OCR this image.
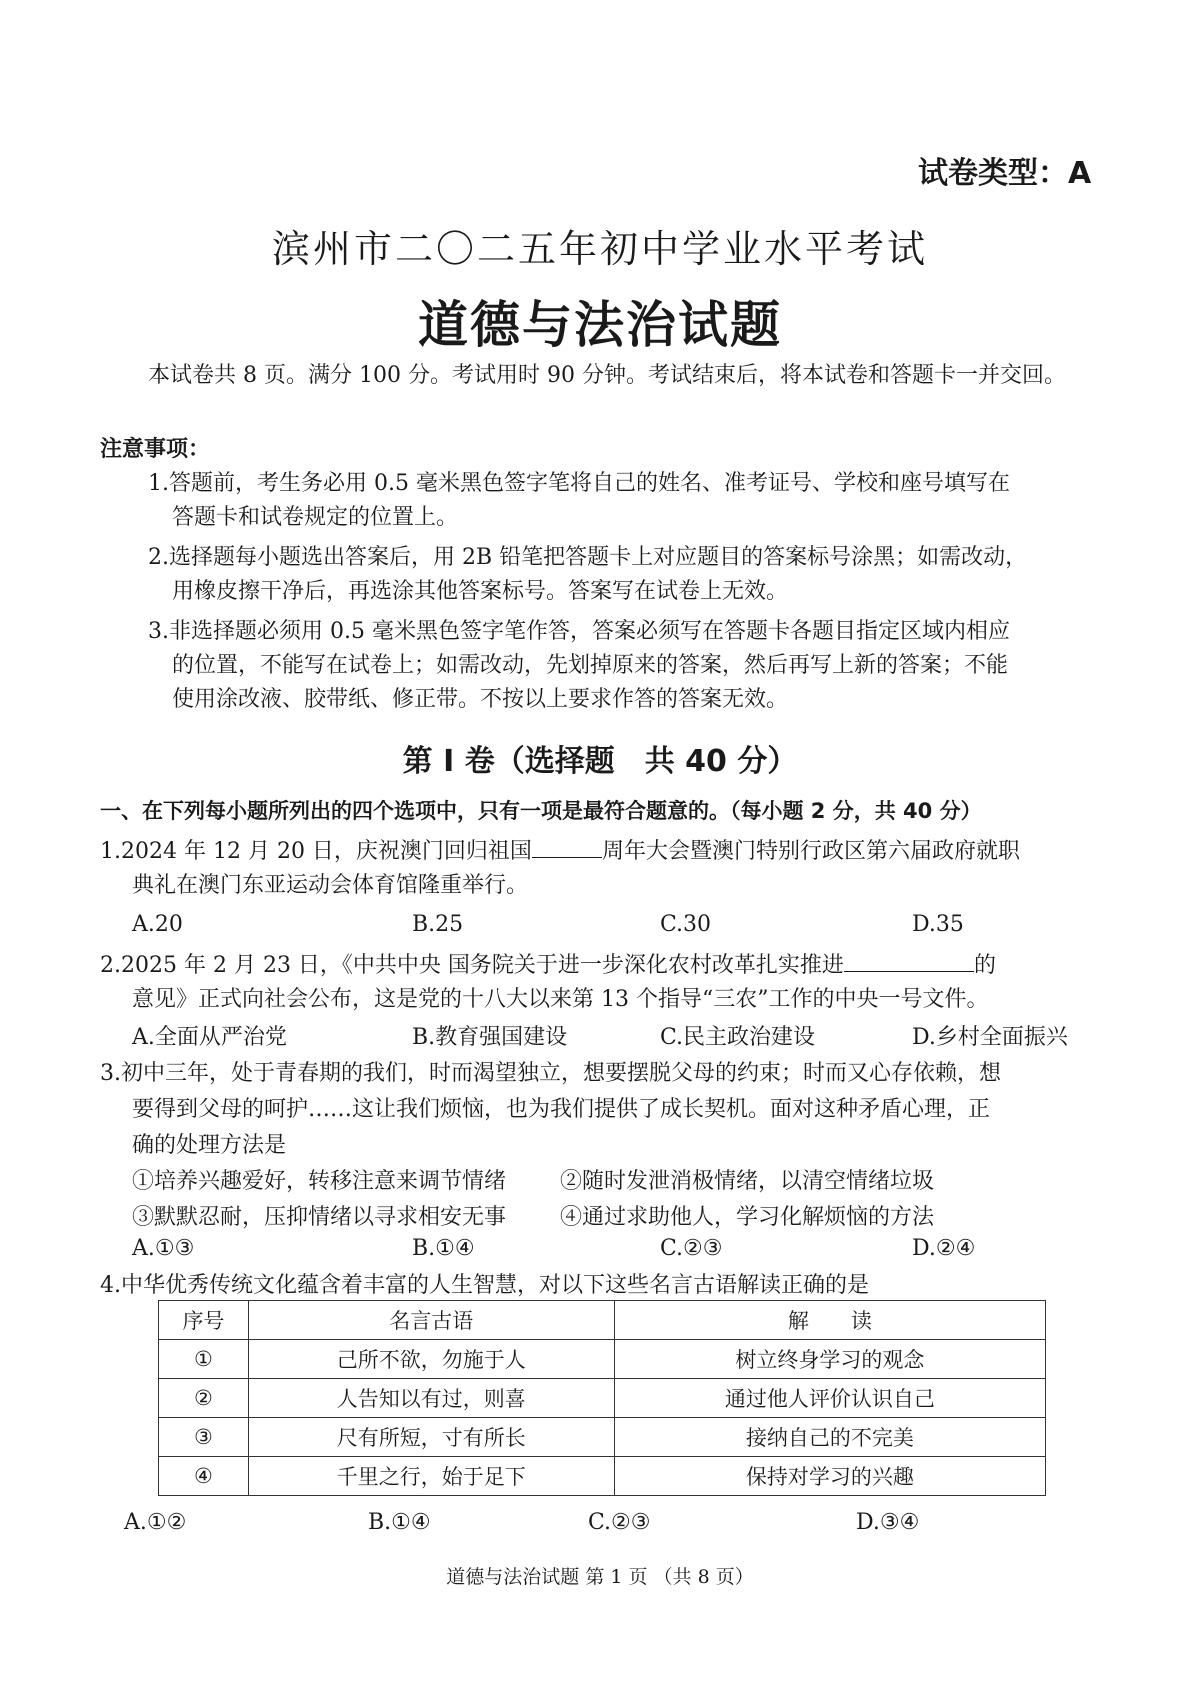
试卷类型：A
滨州市二〇二五年初中学业水平考试
道德与法治试题
本试卷共 8 页。满分 100 分。考试用时 90 分钟。考试结束后，将本试卷和答题卡一并交回。
注意事项：
1.答题前，考生务必用 0.5 毫米黑色签字笔将自己的姓名、准考证号、学校和座号填写在
答题卡和试卷规定的位置上。
2.选择题每小题选出答案后，用 2B 铅笔把答题卡上对应题目的答案标号涂黑；如需改动，
用橡皮擦干净后，再选涂其他答案标号。答案写在试卷上无效。
3.非选择题必须用 0.5 毫米黑色签字笔作答，答案必须写在答题卡各题目指定区域内相应
的位置，不能写在试卷上；如需改动，先划掉原来的答案，然后再写上新的答案；不能
使用涂改液、胶带纸、修正带。不按以上要求作答的答案无效。
第 I 卷（选择题　共 40 分）
一、在下列每小题所列出的四个选项中，只有一项是最符合题意的。（每小题 2 分，共 40 分）
1.2024 年 12 月 20 日，庆祝澳门回归祖国	周年大会暨澳门特别行政区第六届政府就职
典礼在澳门东亚运动会体育馆隆重举行。
A.20	B.25	C.30	D.35
2.2025 年 2 月 23 日，《中共中央 国务院关于进一步深化农村改革扎实推进	的
意见》正式向社会公布，这是党的十八大以来第 13 个指导“三农”工作的中央一号文件。
A.全面从严治党	B.教育强国建设	C.民主政治建设	D.乡村全面振兴
3.初中三年，处于青春期的我们，时而渴望独立，想要摆脱父母的约束；时而又心存依赖，想
要得到父母的呵护……这让我们烦恼，也为我们提供了成长契机。面对这种矛盾心理，正
确的处理方法是
①培养兴趣爱好，转移注意来调节情绪 ②随时发泄消极情绪，以清空情绪垃圾
③默默忍耐，压抑情绪以寻求相安无事 ④通过求助他人，学习化解烦恼的方法
A.①③	B.①④	C.②③	D.②④
4.中华优秀传统文化蕴含着丰富的人生智慧，对以下这些名言古语解读正确的是
序号	名言古语	解　　读
①	己所不欲，勿施于人	树立终身学习的观念
②	人告知以有过，则喜	通过他人评价认识自己
③	尺有所短，寸有所长	接纳自己的不完美
④	千里之行，始于足下	保持对学习的兴趣
A.①②	B.①④	C.②③	D.③④
道德与法治试题 第 1 页 （共 8 页）
